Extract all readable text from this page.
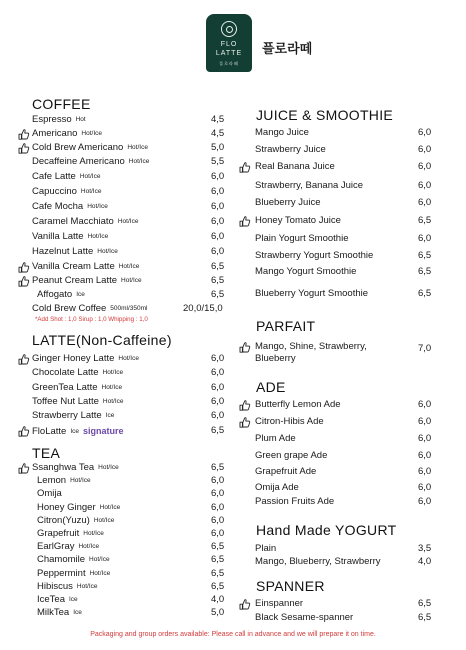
FLO
LATTE
플로라떼
플로라떼
COFFEE
LATTE(Non-Caffeine)
TEA
JUICE & SMOOTHIE
PARFAIT
ADE
Hand Made YOGURT
SPANNER
Espresso Hot	4,5
Americano Hot/Ice	4,5
Cold Brew Americano Hot/Ice	5,0
Decaffeine Americano Hot/Ice	5,5
Cafe Latte Hot/Ice	6,0
Capuccino Hot/Ice	6,0
Cafe Mocha Hot/Ice	6,0
Caramel Macchiato Hot/Ice	6,0
Vanilla Latte Hot/Ice	6,0
Hazelnut Latte Hot/Ice	6,0
Vanilla Cream Latte Hot/Ice	6,5
Peanut Cream Latte Hot/Ice	6,5
Affogato Ice	6,5
Cold Brew Coffee 500ml/350ml	20,0/15,0
Ginger Honey Latte Hot/Ice	6,0
Chocolate Latte Hot/Ice	6,0
GreenTea Latte Hot/Ice	6,0
Toffee Nut Latte Hot/Ice	6,0
Strawberry Latte Ice	6,0
FloLatte Ice signature	6,5
Ssanghwa Tea Hot/Ice	6,5
Lemon Hot/Ice	6,0
Omija	6,0
Honey Ginger Hot/Ice	6,0
Citron(Yuzu) Hot/Ice	6,0
Grapefruit Hot/Ice	6,0
EarlGray Hot/Ice	6,5
Chamomile Hot/Ice	6,5
Peppermint Hot/Ice	6,5
Hibiscus Hot/Ice	6,5
IceTea Ice	4,0
MilkTea Ice	5,0
Mango Juice	6,0
Strawberry Juice	6,0
Real Banana Juice	6,0
Strawberry, Banana Juice	6,0
Blueberry Juice	6,0
Honey Tomato Juice	6,5
Plain Yogurt Smoothie	6,0
Strawberry Yogurt Smoothie	6,5
Mango Yogurt Smoothie	6,5
Blueberry Yogurt Smoothie	6,5
Mango, Shine, Strawberry,
Blueberry
7,0
Butterfly Lemon Ade	6,0
Citron-Hibis Ade	6,0
Plum Ade	6,0
Green grape Ade	6,0
Grapefruit Ade	6,0
Omija Ade	6,0
Passion Fruits Ade	6,0
Plain	3,5
Mango, Blueberry, Strawberry	4,0
Einspanner	6,5
Black Sesame-spanner	6,5
*Add Shot : 1,0 Sirup : 1,0 Whipping : 1,0
Packaging and group orders available: Please call in advance and we will prepare it on time.
